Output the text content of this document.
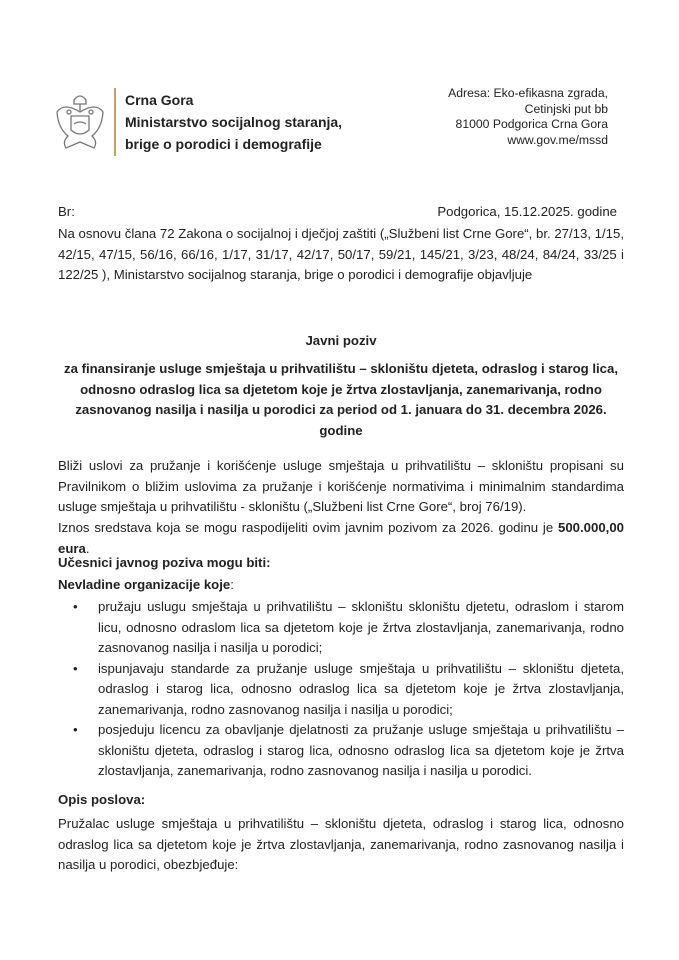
Crna Gora
Ministarstvo socijalnog staranja,
brige o porodici i demografije
Adresa: Eko-efikasna zgrada,
Cetinjski put bb
81000 Podgorica Crna Gora
www.gov.me/mssd
Br:	Podgorica, 15.12.2025. godine

Na osnovu člana 72 Zakona o socijalnoj i dječjoj zaštiti („Službeni list Crne Gore“, br. 27/13, 1/15, 42/15, 47/15, 56/16, 66/16, 1/17, 31/17, 42/17, 50/17, 59/21, 145/21, 3/23, 48/24, 84/24, 33/25 i 122/25 ), Ministarstvo socijalnog staranja, brige o porodici i demografije objavljuje

Javni poziv
za finansiranje usluge smještaja u prihvatilištu – skloništu djeteta, odraslog i starog lica, odnosno odraslog lica sa djetetom koje je žrtva zlostavljanja, zanemarivanja, rodno zasnovanog nasilja i nasilja u porodici za period od 1. januara do 31. decembra 2026. godine

Bliži uslovi za pružanje i korišćenje usluge smještaja u prihvatilištu – skloništu propisani su Pravilnikom o bližim uslovima za pružanje i korišćenje normativima i minimalnim standardima usluge smještaja u prihvatilištu - skloništu („Službeni list Crne Gore“, broj 76/19).

Iznos sredstava koja se mogu raspodijeliti ovim javnim pozivom za 2026. godinu je 500.000,00 eura.

Učesnici javnog poziva mogu biti:
Nevladine organizacije koje:
• pružaju uslugu smještaja u prihvatilištu – skloništu skloništu djetetu, odraslom i starom licu, odnosno odraslom lica sa djetetom koje je žrtva zlostavljanja, zanemarivanja, rodno zasnovanog nasilja i nasilja u porodici;
• ispunjavaju standarde za pružanje usluge smještaja u prihvatilištu – skloništu djeteta, odraslog i starog lica, odnosno odraslog lica sa djetetom koje je žrtva zlostavljanja, zanemarivanja, rodno zasnovanog nasilja i nasilja u porodici;
• posjeduju licencu za obavljanje djelatnosti za pružanje usluge smještaja u prihvatilištu – skloništu djeteta, odraslog i starog lica, odnosno odraslog lica sa djetetom koje je žrtva zlostavljanja, zanemarivanja, rodno zasnovanog nasilja i nasilja u porodici.
Opis poslova:

Pružalac usluge smještaja u prihvatilištu – skloništu djeteta, odraslog i starog lica, odnosno odraslog lica sa djetetom koje je žrtva zlostavljanja, zanemarivanja, rodno zasnovanog nasilja i nasilja u porodici, obezbjeđuje:
